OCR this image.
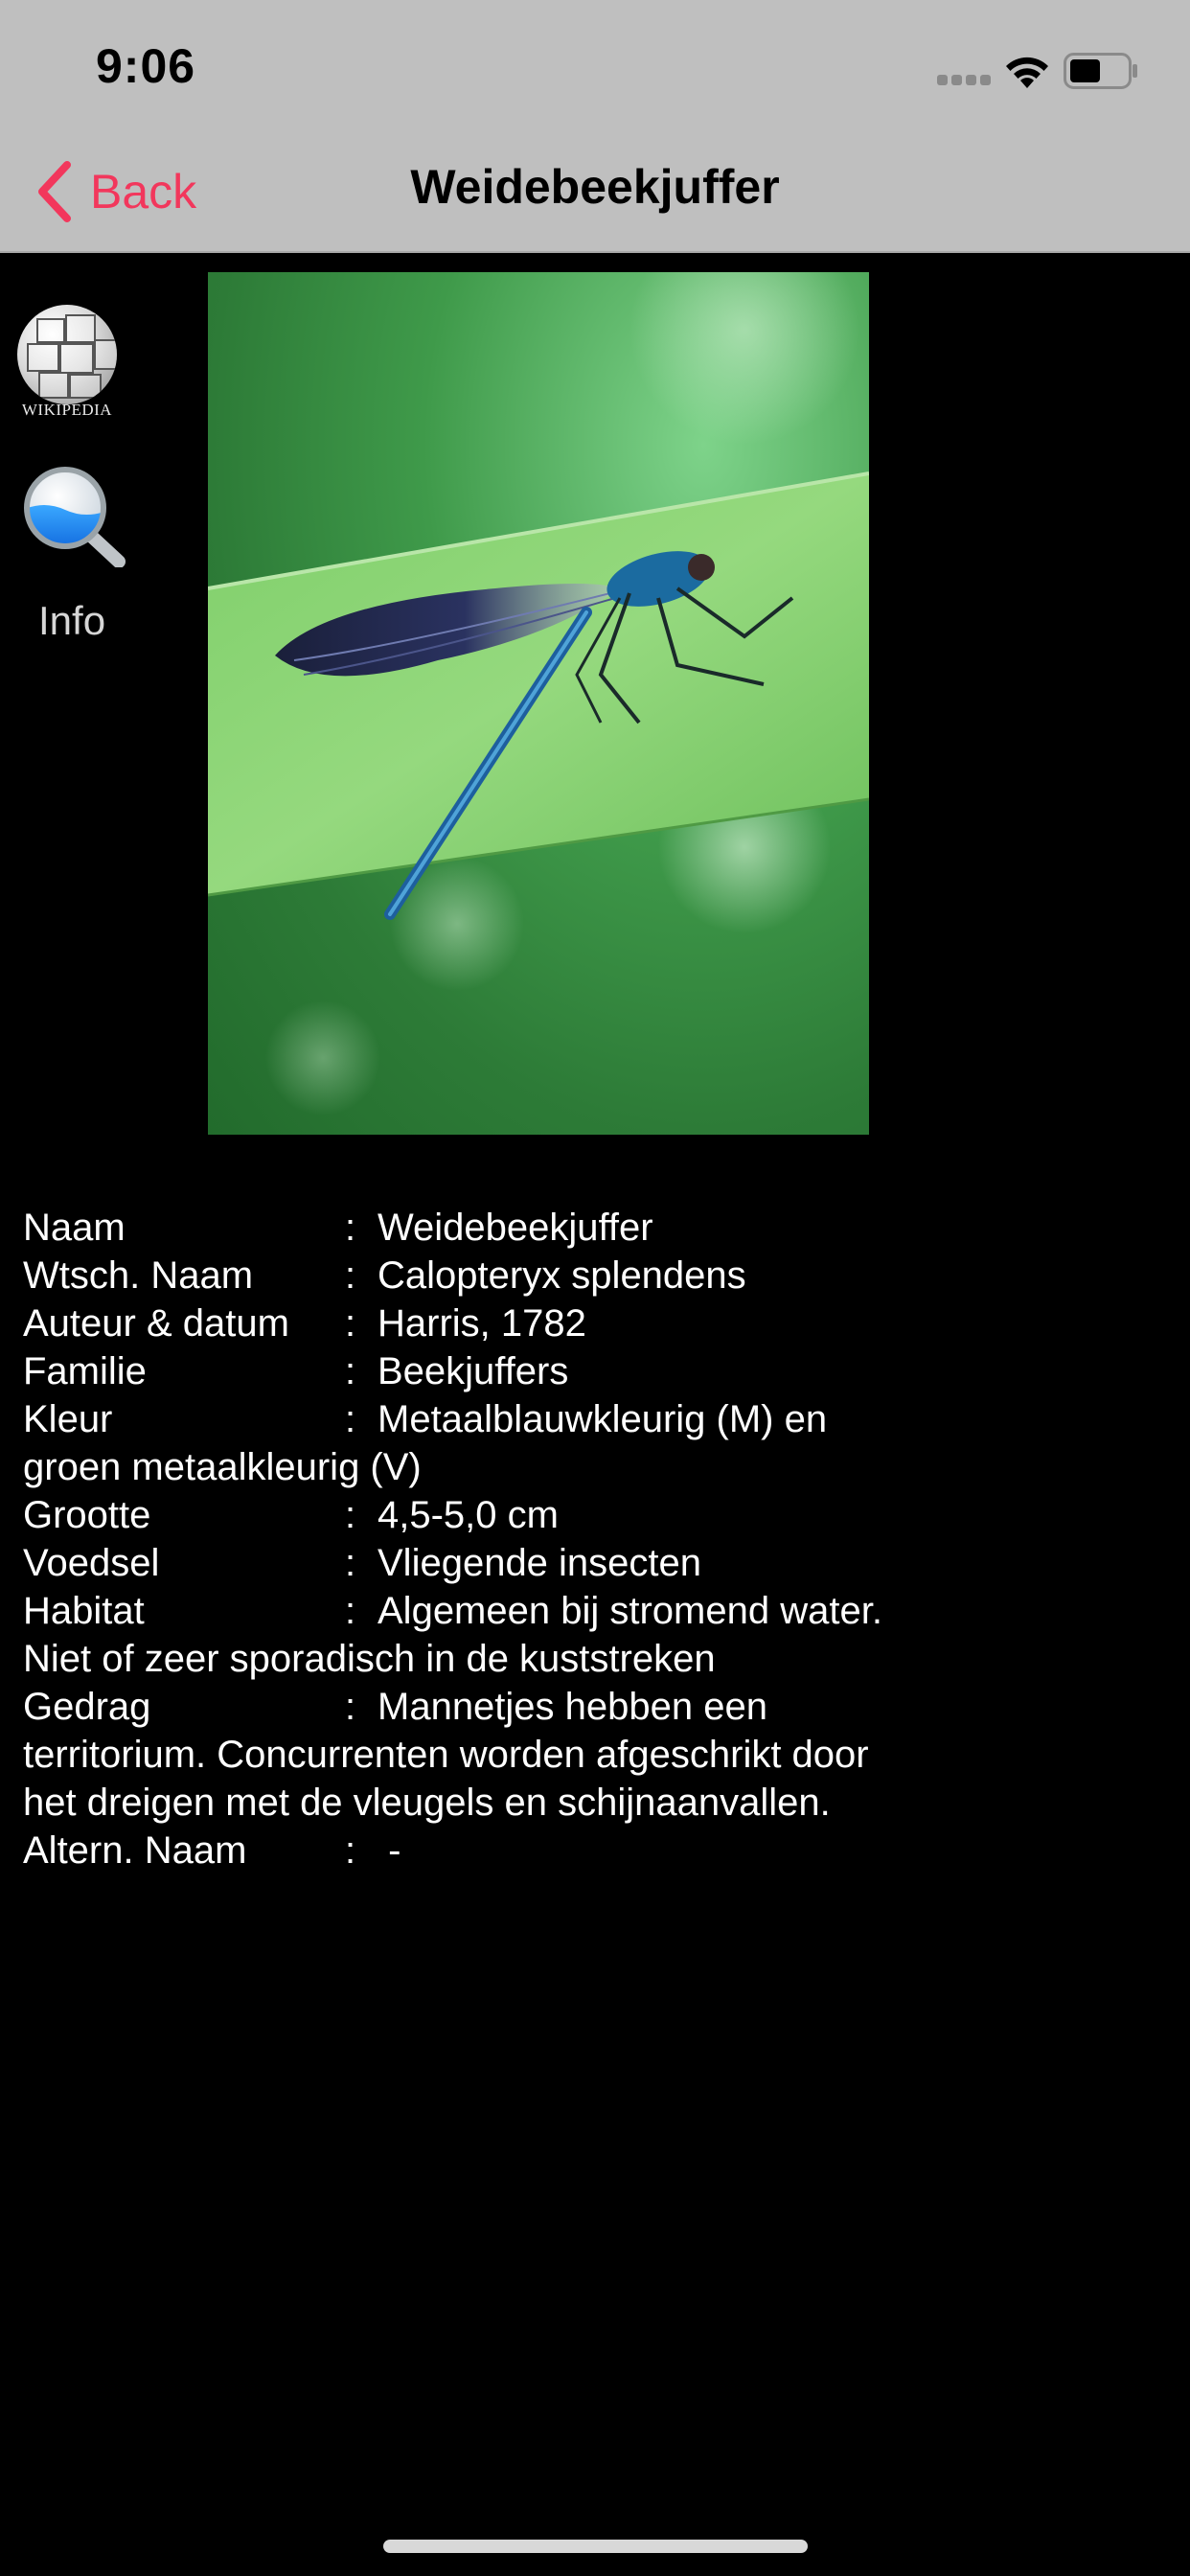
9:06
Back	Weidebeekjuffer
WIKIPEDIA
Info
Naam	: Weidebeekjuffer
Wtsch. Naam : Calopteryx splendens
Auteur & datum : Harris, 1782
Familie	: Beekjuffers
Kleur	: Metaalblauwkleurig (M) en groen metaalkleurig (V)
Grootte	: 4,5-5,0 cm
Voedsel	: Vliegende insecten
Habitat	: Algemeen bij stromend water. Niet of zeer sporadisch in de kuststreken
Gedrag	: Mannetjes hebben een territorium. Concurrenten worden afgeschrikt door het dreigen met de vleugels en schijnaanvallen.
Altern. Naam	: -
